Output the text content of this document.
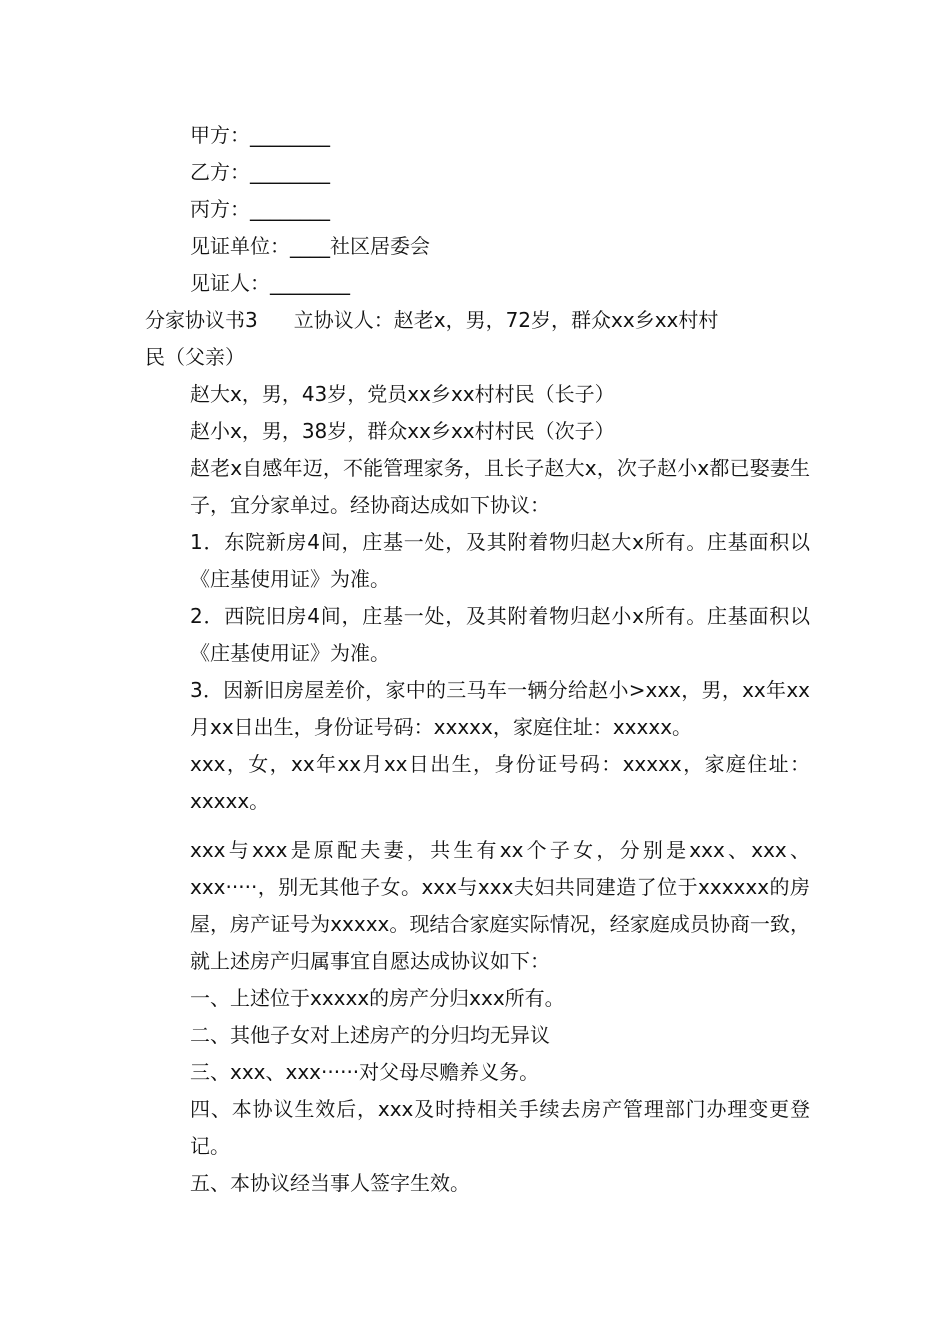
甲方：________

乙方：________

丙方：________

见证单位：____社区居委会

见证人：________

分家协议书3 立协议人：赵老x，男，72岁，群众xx乡xx村村

民（父亲）

赵大x，男，43岁，党员xx乡xx村村民（长子）

赵小x，男，38岁，群众xx乡xx村村民（次子）

赵老x自感年迈，不能管理家务，且长子赵大x，次子赵小x都已娶妻生子，宜分家单过。经协商达成如下协议：

1．东院新房4间，庄基一处，及其附着物归赵大x所有。庄基面积以《庄基使用证》为准。

2．西院旧房4间，庄基一处，及其附着物归赵小x所有。庄基面积以《庄基使用证》为准。

3．因新旧房屋差价，家中的三马车一辆分给赵小>xxx，男，xx年xx月xx日出生，身份证号码：xxxxx，家庭住址：xxxxx。

xxx，女，xx年xx月xx日出生，身份证号码：xxxxx，家庭住址：xxxxx。

xxx与xxx是原配夫妻，共生有xx个子女，分别是xxx、xxx、xxx·····，别无其他子女。xxx与xxx夫妇共同建造了位于xxxxxx的房屋，房产证号为xxxxx。现结合家庭实际情况，经家庭成员协商一致，就上述房产归属事宜自愿达成协议如下：

一、上述位于xxxxx的房产分归xxx所有。

二、其他子女对上述房产的分归均无异议

三、xxx、xxx······对父母尽赡养义务。

四、本协议生效后，xxx及时持相关手续去房产管理部门办理变更登记。

五、本协议经当事人签字生效。
